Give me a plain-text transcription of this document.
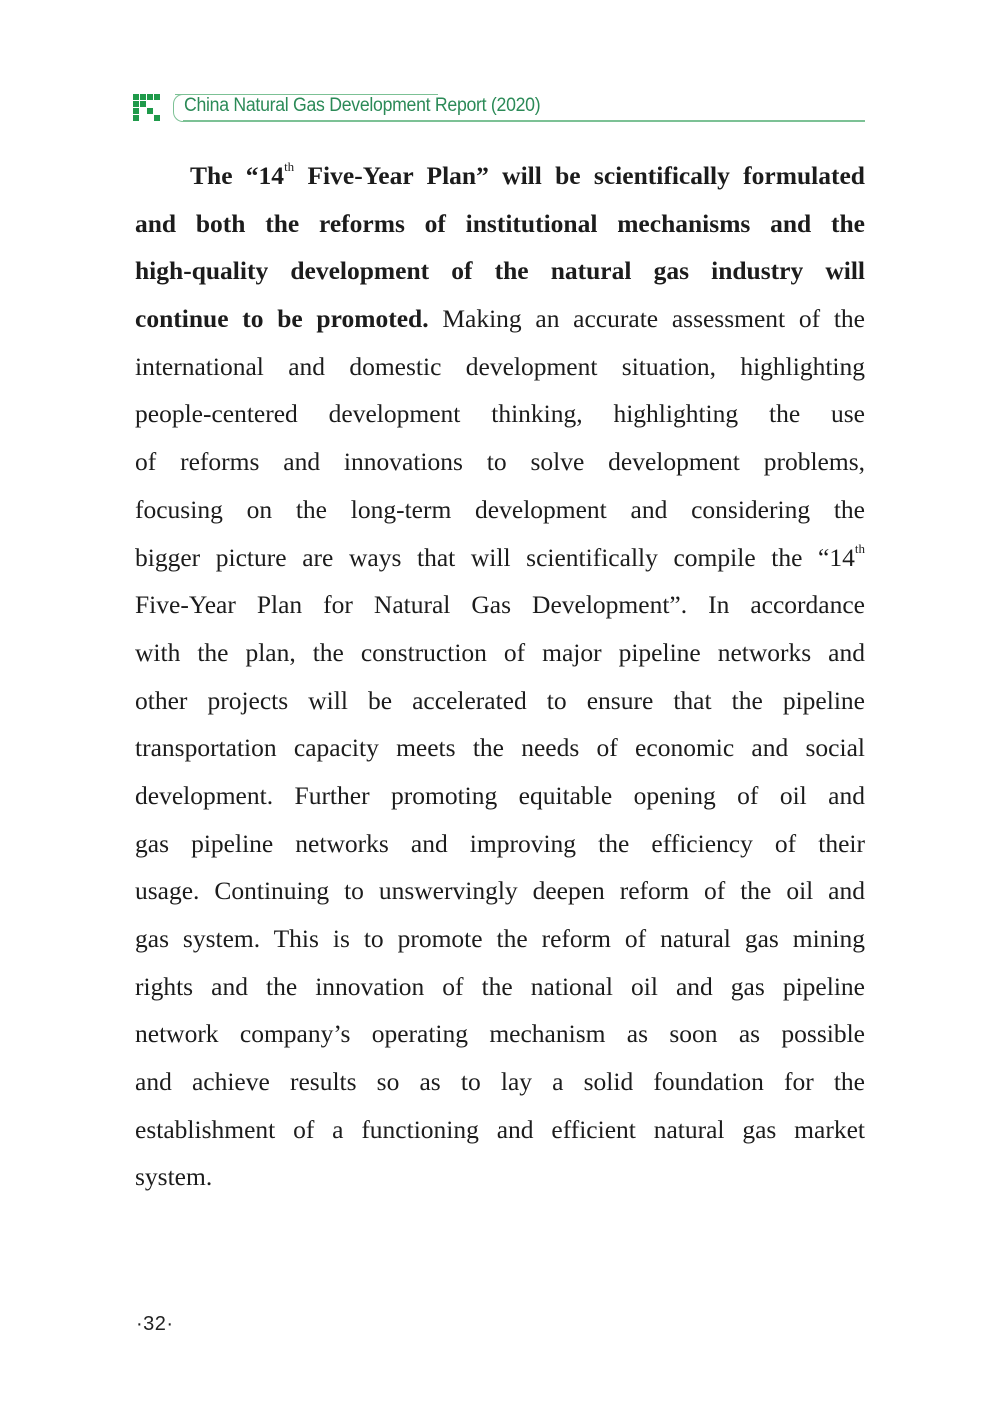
China Natural Gas Development Report (2020)
The “14th Five-Year Plan” will be scientifically formulated
and both the reforms of institutional mechanisms and the
high-quality development of the natural gas industry will
continue to be promoted. Making an accurate assessment of the
international and domestic development situation, highlighting
people-centered development thinking, highlighting the use
of reforms and innovations to solve development problems,
focusing on the long-term development and considering the
bigger picture are ways that will scientifically compile the “14th
Five-Year Plan for Natural Gas Development”. In accordance
with the plan, the construction of major pipeline networks and
other projects will be accelerated to ensure that the pipeline
transportation capacity meets the needs of economic and social
development. Further promoting equitable opening of oil and
gas pipeline networks and improving the efficiency of their
usage. Continuing to unswervingly deepen reform of the oil and
gas system. This is to promote the reform of natural gas mining
rights and the innovation of the national oil and gas pipeline
network company’s operating mechanism as soon as possible
and achieve results so as to lay a solid foundation for the
establishment of a functioning and efficient natural gas market
system.
·32·
